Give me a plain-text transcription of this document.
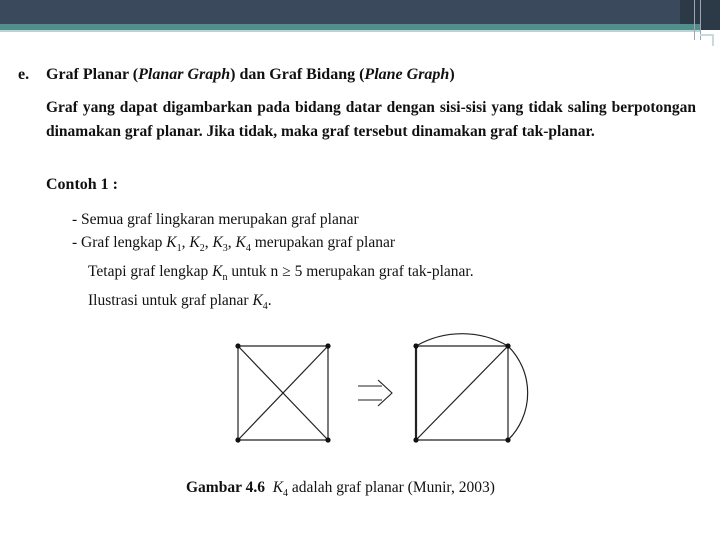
e. Graf Planar (Planar Graph) dan Graf Bidang (Plane Graph)
Graf yang dapat digambarkan pada bidang datar dengan sisi-sisi yang tidak saling berpotongan dinamakan graf planar. Jika tidak, maka graf tersebut dinamakan graf tak-planar.
Contoh 1 :
- Semua graf lingkaran merupakan graf planar
- Graf lengkap $K_1$, $K_2$, $K_3$, $K_4$ merupakan graf planar
Tetapi graf lengkap $K_n$ untuk n ≥ 5 merupakan graf tak-planar.
Ilustrasi untuk graf planar $K_4$.
Gambar 4.6 $K_4$ adalah graf planar (Munir, 2003)
